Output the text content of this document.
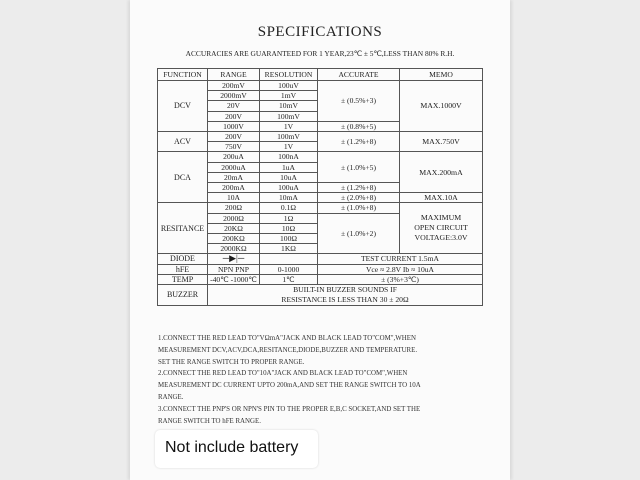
SPECIFICATIONS
ACCURACIES ARE GUARANTEED FOR 1 YEAR,23℃ ± 5℃,LESS THAN 80% R.H.
FUNCTION	RANGE	RESOLUTION	ACCURATE	MEMO
DCV	200mV	100uV	± (0.5%+3)	MAX.1000V
	2000mV	1mV		
	20V	10mV		
	200V	100mV		
	1000V	1V	± (0.8%+5)	
ACV	200V	100mV	± (1.2%+8)	MAX.750V
	750V	1V		
DCA	200uA	100nA	± (1.0%+5)	MAX.200mA
	2000uA	1uA		
	20mA	10uA		
	200mA	100uA	± (1.2%+8)	
	10A	10mA	± (2.0%+8)	MAX.10A
RESITANCE	200Ω	0.1Ω	± (1.0%+8)	MAXIMUM
OPEN CIRCUIT
VOLTAGE:3.0V

	2000Ω	1Ω	± (1.0%+2)	
	20KΩ	10Ω		
	200KΩ	100Ω		
	2000KΩ	1KΩ		
DIODE	─▶|─		TEST CURRENT 1.5mA	
hFE	NPN PNP	0-1000	Vce ≈ 2.8V Ib ≈ 10uA	
TEMP	-40℃ -1000℃	1℃	± (3%+3℃)	
BUZZER	BUILT-IN BUZZER SOUNDS IF
RESISTANCE IS LESS THAN 30 ± 20Ω			

1.CONNECT THE RED LEAD TO"VΩmA"JACK AND BLACK LEAD TO"COM",WHEN

MEASUREMENT DCV,ACV,DCA,RESITANCE,DIODE,BUZZER AND TEMPERATURE.

SET THE RANGE SWITCH TO PROPER RANGE.

2.CONNECT THE RED LEAD TO"10A"JACK AND BLACK LEAD TO"COM",WHEN

MEASUREMENT DC CURRENT UPTO 200mA,AND SET THE RANGE SWITCH TO 10A

RANGE.

3.CONNECT THE PNP'S OR NPN'S PIN TO THE PROPER E,B,C SOCKET,AND SET THE

RANGE SWITCH TO hFE RANGE.

Not include battery
